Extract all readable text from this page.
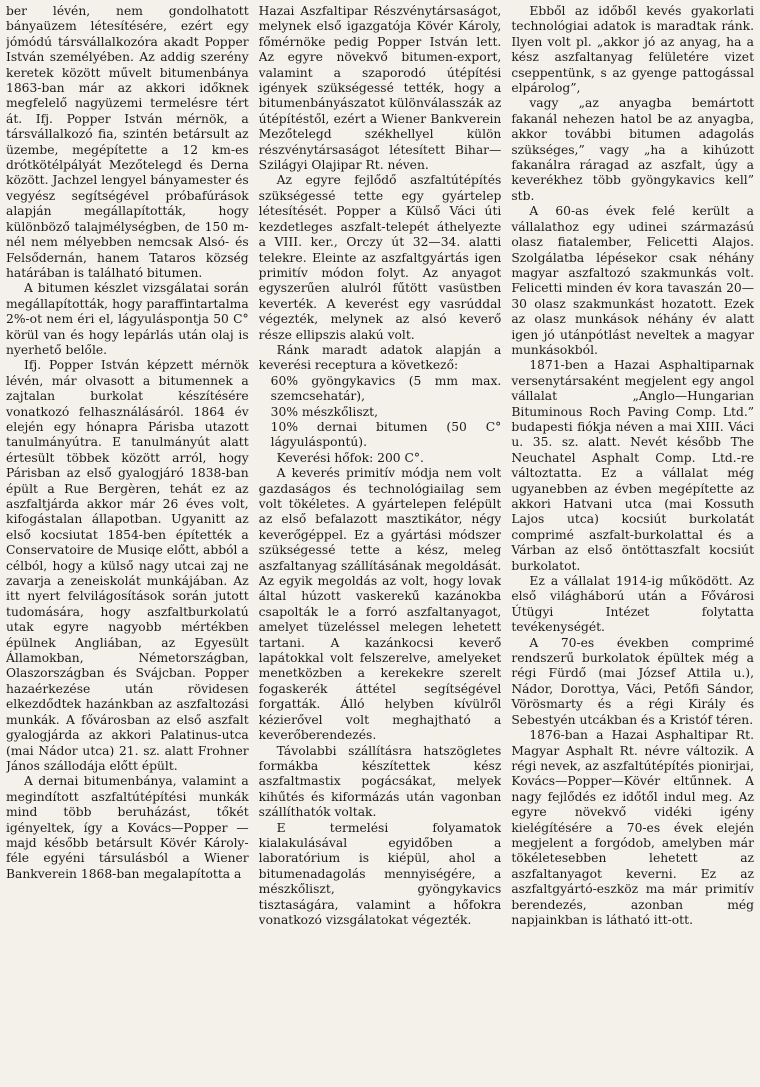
ber lévén, nem gondolhatott bányaüzem létesítésére, ezért egy jómódú társvállalkozóra akadt Popper István személyében. Az addig szerény keretek között művelt bitumenbánya 1863-ban már az akkori időknek megfelelő nagyüzemi termelésre tért át. Ifj. Popper István mérnök, a társvállalkozó fia, szintén betársult az üzembe, megépítette a 12 km-es drótkötélpályát Mezőtelegd és Derna között. Jachzel lengyel bányamester és vegyész segítségével próbafúrások alapján megállapították, hogy különböző talajmélységben, de 150 m-nél nem mélyebben nemcsak Alsó- és Felsődernán, hanem Tataros község határában is található bitumen.

A bitumen készlet vizsgálatai során megállapították, hogy paraffintartalma 2%-ot nem éri el, lágyuláspontja 50 C° körül van és hogy lepárlás után olaj is nyerhető belőle.

Ifj. Popper István képzett mérnök lévén, már olvasott a bitumennek a zajtalan burkolat készítésére vonatkozó felhasználásáról. 1864 év elején egy hónapra Párisba utazott tanulmányútra. E tanulmányút alatt értesült többek között arról, hogy Párisban az első gyalogjáró 1838-ban épült a Rue Bergèren, tehát ez az aszfaltjárda akkor már 26 éves volt, kifogástalan állapotban. Ugyanitt az első kocsiutat 1854-ben építették a Conservatoire de Musiqe előtt, abból a célból, hogy a külső nagy utcai zaj ne zavarja a zeneiskolát munkájában. Az itt nyert felvilágosítások során jutott tudomására, hogy aszfaltburkolatú utak egyre nagyobb mértékben épülnek Angliában, az Egyesült Államokban, Németországban, Olaszországban és Svájcban. Popper hazaérkezése után rövidesen elkezdődtek hazánkban az aszfaltozási munkák. A fővárosban az első aszfalt gyalogjárda az akkori Palatinus-utca (mai Nádor utca) 21. sz. alatt Frohner János szállodája előtt épült.

A dernai bitumenbánya, valamint a megindított aszfaltútépítési munkák mind több beruházást, tőkét igényeltek, így a Kovács—Popper — majd később betársult Kövér Károly-féle egyéni társulásból a Wiener Bankverein 1868-ban megalapította a

Hazai Aszfaltipar Részvénytársaságot, melynek első igazgatója Kövér Károly, főmérnöke pedig Popper István lett. Az egyre növekvő bitumen-export, valamint a szaporodó útépítési igények szükségessé tették, hogy a bitumenbányászatot különválasszák az útépítéstől, ezért a Wiener Bankverein Mezőtelegd székhellyel külön részvénytársaságot létesített Bihar—Szilágyi Olajipar Rt. néven.

Az egyre fejlődő aszfaltútépítés szükségessé tette egy gyártelep létesítését. Popper a Külső Váci úti kezdetleges aszfalt-telepét áthelyezte a VIII. ker., Orczy út 32—34. alatti telekre. Eleinte az aszfaltgyártás igen primitív módon folyt. Az anyagot egyszerűen alulról fűtött vasüstben keverték. A keverést egy vasrúddal végezték, melynek az alsó keverő része ellipszis alakú volt.

Ránk maradt adatok alapján a keverési receptura a következő:

60% gyöngykavics (5 mm max. szemcsehatár),

30% mészkőliszt,

10% dernai bitumen (50 C° lágyuláspontú).

Keverési hőfok: 200 C°.

A keverés primitív módja nem volt gazdaságos és technológiailag sem volt tökéletes. A gyártelepen felépült az első befalazott masztikátor, négy keverőgéppel. Ez a gyártási módszer szükségessé tette a kész, meleg aszfaltanyag szállításának megoldását. Az egyik megoldás az volt, hogy lovak által húzott vaskerekű kazánokba csapolták le a forró aszfaltanyagot, amelyet tüzeléssel melegen lehetett tartani. A kazánkocsi keverő lapátokkal volt felszerelve, amelyeket menetközben a kerekekre szerelt fogaskerék áttétel segítségével forgatták. Álló helyben kívülről kézierővel volt meghajtható a keverőberendezés.

Távolabbi szállításra hatszögletes formákba készítettek kész aszfaltmastix pogácsákat, melyek kihűtés és kiformázás után vagonban szállíthatók voltak.

E termelési folyamatok kialakulásával egyidőben a laboratórium is kiépül, ahol a bitumenadagolás mennyiségére, a mészkőliszt, gyöngykavics tisztaságára, valamint a hőfokra vonatkozó vizsgálatokat végezték.

Ebből az időből kevés gyakorlati technológiai adatok is maradtak ránk. Ilyen volt pl. „akkor jó az anyag, ha a kész aszfaltanyag felületére vizet cseppentünk, s az gyenge pattogással elpárolog”,

vagy „az anyagba bemártott fakanál nehezen hatol be az anyagba, akkor további bitumen adagolás szükséges,” vagy „ha a kihúzott fakanálra ráragad az aszfalt, úgy a keverékhez több gyöngykavics kell” stb.

A 60-as évek felé került a vállalathoz egy udinei származású olasz fiatalember, Felicetti Alajos. Szolgálatba lépésekor csak néhány magyar aszfaltozó szakmunkás volt. Felicetti minden év kora tavaszán 20—30 olasz szakmunkást hozatott. Ezek az olasz munkások néhány év alatt igen jó utánpótlást neveltek a magyar munkásokból.

1871-ben a Hazai Asphaltiparnak versenytársaként megjelent egy angol vállalat „Anglo—Hungarian Bituminous Roch Paving Comp. Ltd.” budapesti fiókja néven a mai XIII. Váci u. 35. sz. alatt. Nevét később The Neuchatel Asphalt Comp. Ltd.-re változtatta. Ez a vállalat még ugyanebben az évben megépítette az akkori Hatvani utca (mai Kossuth Lajos utca) kocsiút burkolatát comprimé aszfalt-burkolattal és a Várban az első öntöttaszfalt kocsiút burkolatot.

Ez a vállalat 1914-ig működött. Az első világháború után a Fővárosi Útügyi Intézet folytatta tevékenységét.

A 70-es években comprimé rendszerű burkolatok épültek még a régi Fürdő (mai József Attila u.), Nádor, Dorottya, Váci, Petőfi Sándor, Vörösmarty és a régi Király és Sebestyén utcákban és a Kristóf téren.

1876-ban a Hazai Asphaltipar Rt. Magyar Asphalt Rt. névre változik. A régi nevek, az aszfaltútépítés pionirjai, Kovács—Popper—Kövér eltűnnek. A nagy fejlődés ez időtől indul meg. Az egyre növekvő vidéki igény kielégítésére a 70-es évek elején megjelent a forgódob, amelyben már tökéletesebben lehetett az aszfaltanyagot keverni. Ez az aszfaltgyártó-eszköz ma már primitív berendezés, azonban még napjainkban is látható itt-ott.
